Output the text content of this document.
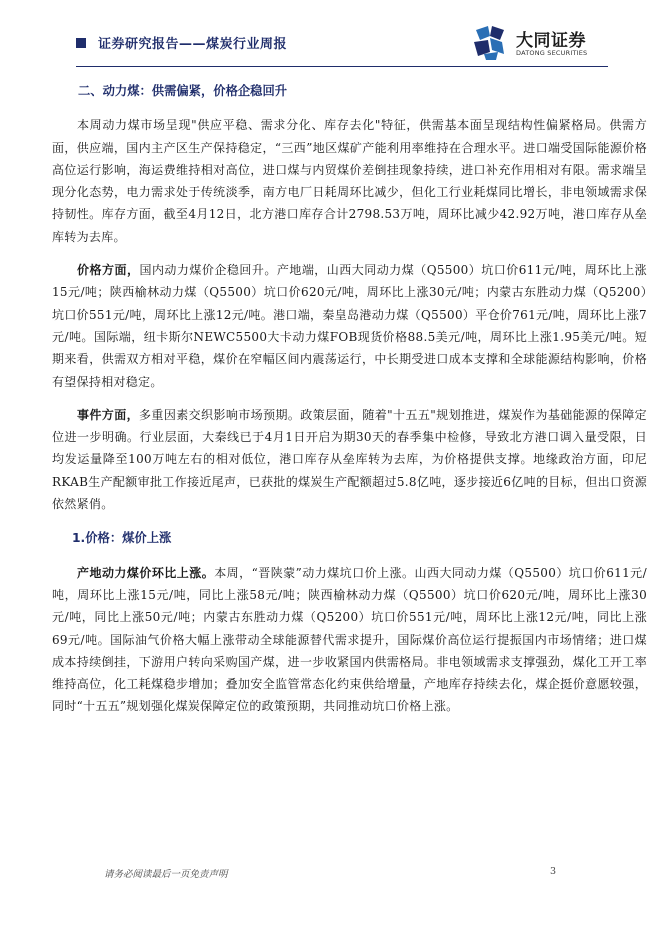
证券研究报告——煤炭行业周报	大同证券
DATONG SECURITIES
二、动力煤：供需偏紧，价格企稳回升

本周动力煤市场呈现"供应平稳、需求分化、库存去化"特征，供需基本面呈现结构性偏紧格局。供需方面，供应端，国内主产区生产保持稳定，“三西”地区煤矿产能利用率维持在合理水平。进口端受国际能源价格高位运行影响，海运费维持相对高位，进口煤与内贸煤价差倒挂现象持续，进口补充作用相对有限。需求端呈现分化态势，电力需求处于传统淡季，南方电厂日耗周环比减少，但化工行业耗煤同比增长，非电领域需求保持韧性。库存方面，截至4月12日，北方港口库存合计2798.53万吨，周环比减少42.92万吨，港口库存从垒库转为去库。

价格方面，国内动力煤价企稳回升。产地端，山西大同动力煤（Q5500）坑口价611元/吨，周环比上涨15元/吨；陕西榆林动力煤（Q5500）坑口价620元/吨，周环比上涨30元/吨；内蒙古东胜动力煤（Q5200）坑口价551元/吨，周环比上涨12元/吨。港口端，秦皇岛港动力煤（Q5500）平仓价761元/吨，周环比上涨7元/吨。国际端，纽卡斯尔NEWC5500大卡动力煤FOB现货价格88.5美元/吨，周环比上涨1.95美元/吨。短期来看，供需双方相对平稳，煤价在窄幅区间内震荡运行，中长期受进口成本支撑和全球能源结构影响，价格有望保持相对稳定。

事件方面，多重因素交织影响市场预期。政策层面，随着"十五五"规划推进，煤炭作为基础能源的保障定位进一步明确。行业层面，大秦线已于4月1日开启为期30天的春季集中检修，导致北方港口调入量受限，日均发运量降至100万吨左右的相对低位，港口库存从垒库转为去库，为价格提供支撑。地缘政治方面，印尼RKAB生产配额审批工作接近尾声，已获批的煤炭生产配额超过5.8亿吨，逐步接近6亿吨的目标，但出口资源依然紧俏。

1.价格：煤价上涨

产地动力煤价环比上涨。本周，“晋陕蒙”动力煤坑口价上涨。山西大同动力煤（Q5500）坑口价611元/吨，周环比上涨15元/吨，同比上涨58元/吨；陕西榆林动力煤（Q5500）坑口价620元/吨，周环比上涨30元/吨，同比上涨50元/吨；内蒙古东胜动力煤（Q5200）坑口价551元/吨，周环比上涨12元/吨，同比上涨69元/吨。国际油气价格大幅上涨带动全球能源替代需求提升，国际煤价高位运行提振国内市场情绪；进口煤成本持续倒挂，下游用户转向采购国产煤，进一步收紧国内供需格局。非电领域需求支撑强劲，煤化工开工率维持高位，化工耗煤稳步增加；叠加安全监管常态化约束供给增量，产地库存持续去化，煤企挺价意愿较强，同时“十五五”规划强化煤炭保障定位的政策预期，共同推动坑口价格上涨。

请务必阅读最后一页免责声明	3
